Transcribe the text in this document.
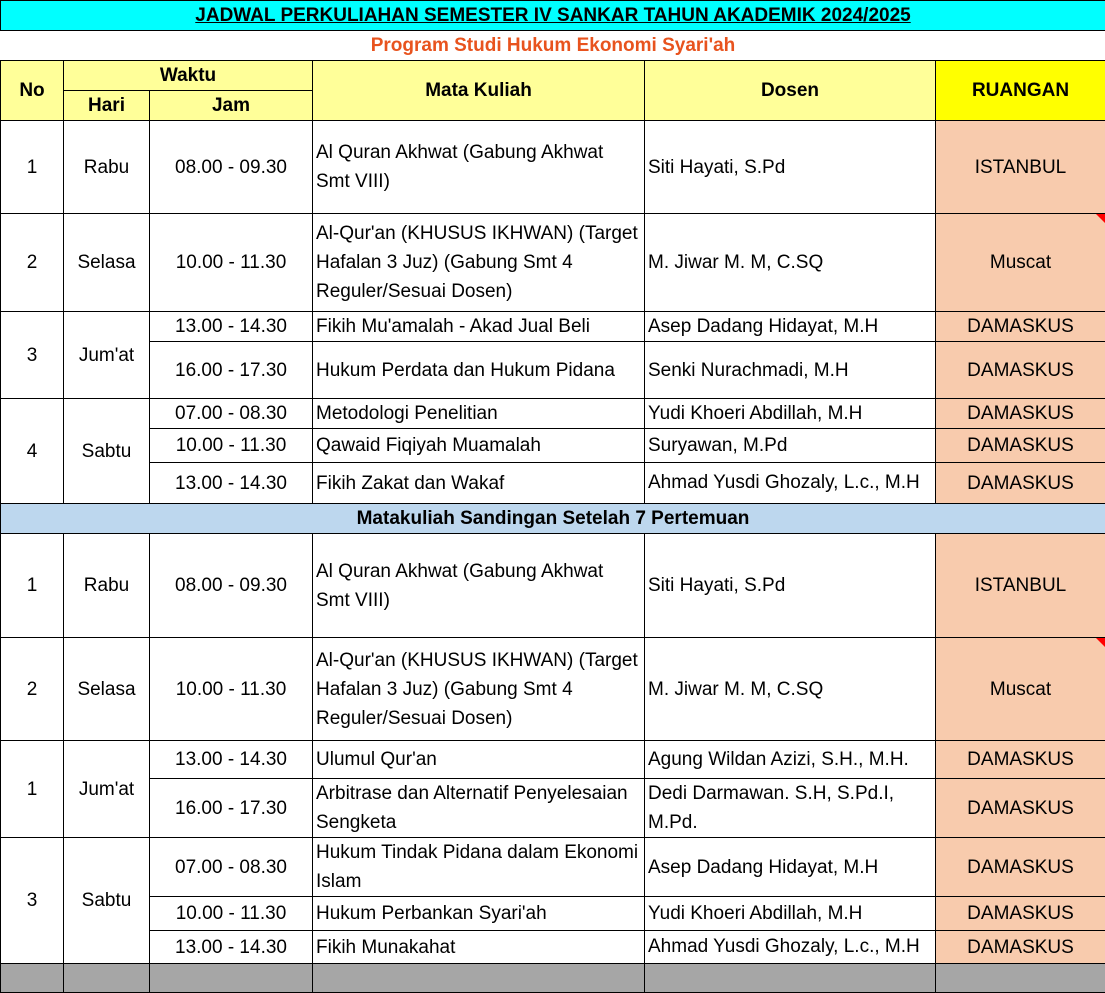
JADWAL PERKULIAHAN SEMESTER IV SANKAR TAHUN AKADEMIK 2024/2025					
Program Studi Hukum Ekonomi Syari'ah					
No	Waktu		Mata Kuliah	Dosen	RUANGAN
	Hari	Jam			
1	Rabu	08.00 - 09.30	Al Quran Akhwat (Gabung Akhwat Smt VIII)	Siti Hayati, S.Pd	ISTANBUL
2	Selasa	10.00 - 11.30	Al-Qur'an (KHUSUS IKHWAN) (Target Hafalan 3 Juz) (Gabung Smt 4 Reguler/Sesuai Dosen)	M. Jiwar M. M, C.SQ	Muscat
3	Jum'at	13.00 - 14.30	Fikih Mu'amalah - Akad Jual Beli	Asep Dadang Hidayat, M.H	DAMASKUS
		16.00 - 17.30	Hukum Perdata dan Hukum Pidana	Senki Nurachmadi, M.H	DAMASKUS
4	Sabtu	07.00 - 08.30	Metodologi Penelitian	Yudi Khoeri Abdillah, M.H	DAMASKUS
		10.00 - 11.30	Qawaid Fiqiyah Muamalah	Suryawan, M.Pd	DAMASKUS
		13.00 - 14.30	Fikih Zakat dan Wakaf	Ahmad Yusdi Ghozaly, L.c., M.H	DAMASKUS
Matakuliah Sandingan Setelah 7 Pertemuan					
1	Rabu	08.00 - 09.30	Al Quran Akhwat (Gabung Akhwat Smt VIII)	Siti Hayati, S.Pd	ISTANBUL
2	Selasa	10.00 - 11.30	Al-Qur'an (KHUSUS IKHWAN) (Target Hafalan 3 Juz) (Gabung Smt 4 Reguler/Sesuai Dosen)	M. Jiwar M. M, C.SQ	Muscat
1	Jum'at	13.00 - 14.30	Ulumul Qur'an	Agung Wildan Azizi, S.H., M.H.	DAMASKUS
		16.00 - 17.30	Arbitrase dan Alternatif Penyelesaian Sengketa	Dedi Darmawan. S.H, S.Pd.I, M.Pd.	DAMASKUS
3	Sabtu	07.00 - 08.30	Hukum Tindak Pidana dalam Ekonomi Islam	Asep Dadang Hidayat, M.H	DAMASKUS
		10.00 - 11.30	Hukum Perbankan Syari'ah	Yudi Khoeri Abdillah, M.H	DAMASKUS
		13.00 - 14.30	Fikih Munakahat	Ahmad Yusdi Ghozaly, L.c., M.H	DAMASKUS
